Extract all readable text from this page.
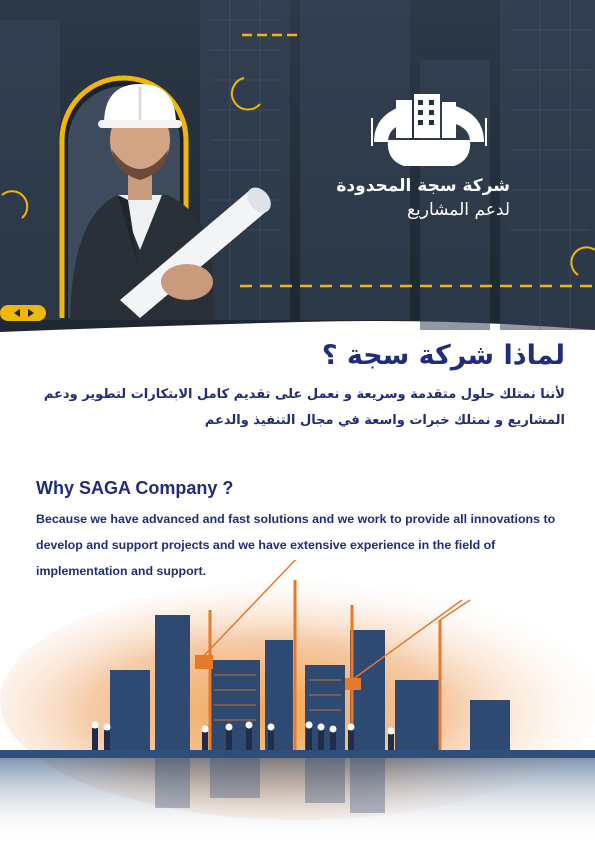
شركة سجة المحدودة
لدعم المشاريع
لماذا شركة سجة ؟
لأننا نمتلك حلول متقدمة وسريعة و نعمل على تقديم كامل الابتكارات لتطوير ودعم المشاريع و نمتلك خبرات واسعة في مجال التنفيذ والدعم
Why SAGA Company ?
Because we have advanced and fast solutions and we work to provide all innovations to develop and support projects and we have extensive experience in the field of implementation and support.
